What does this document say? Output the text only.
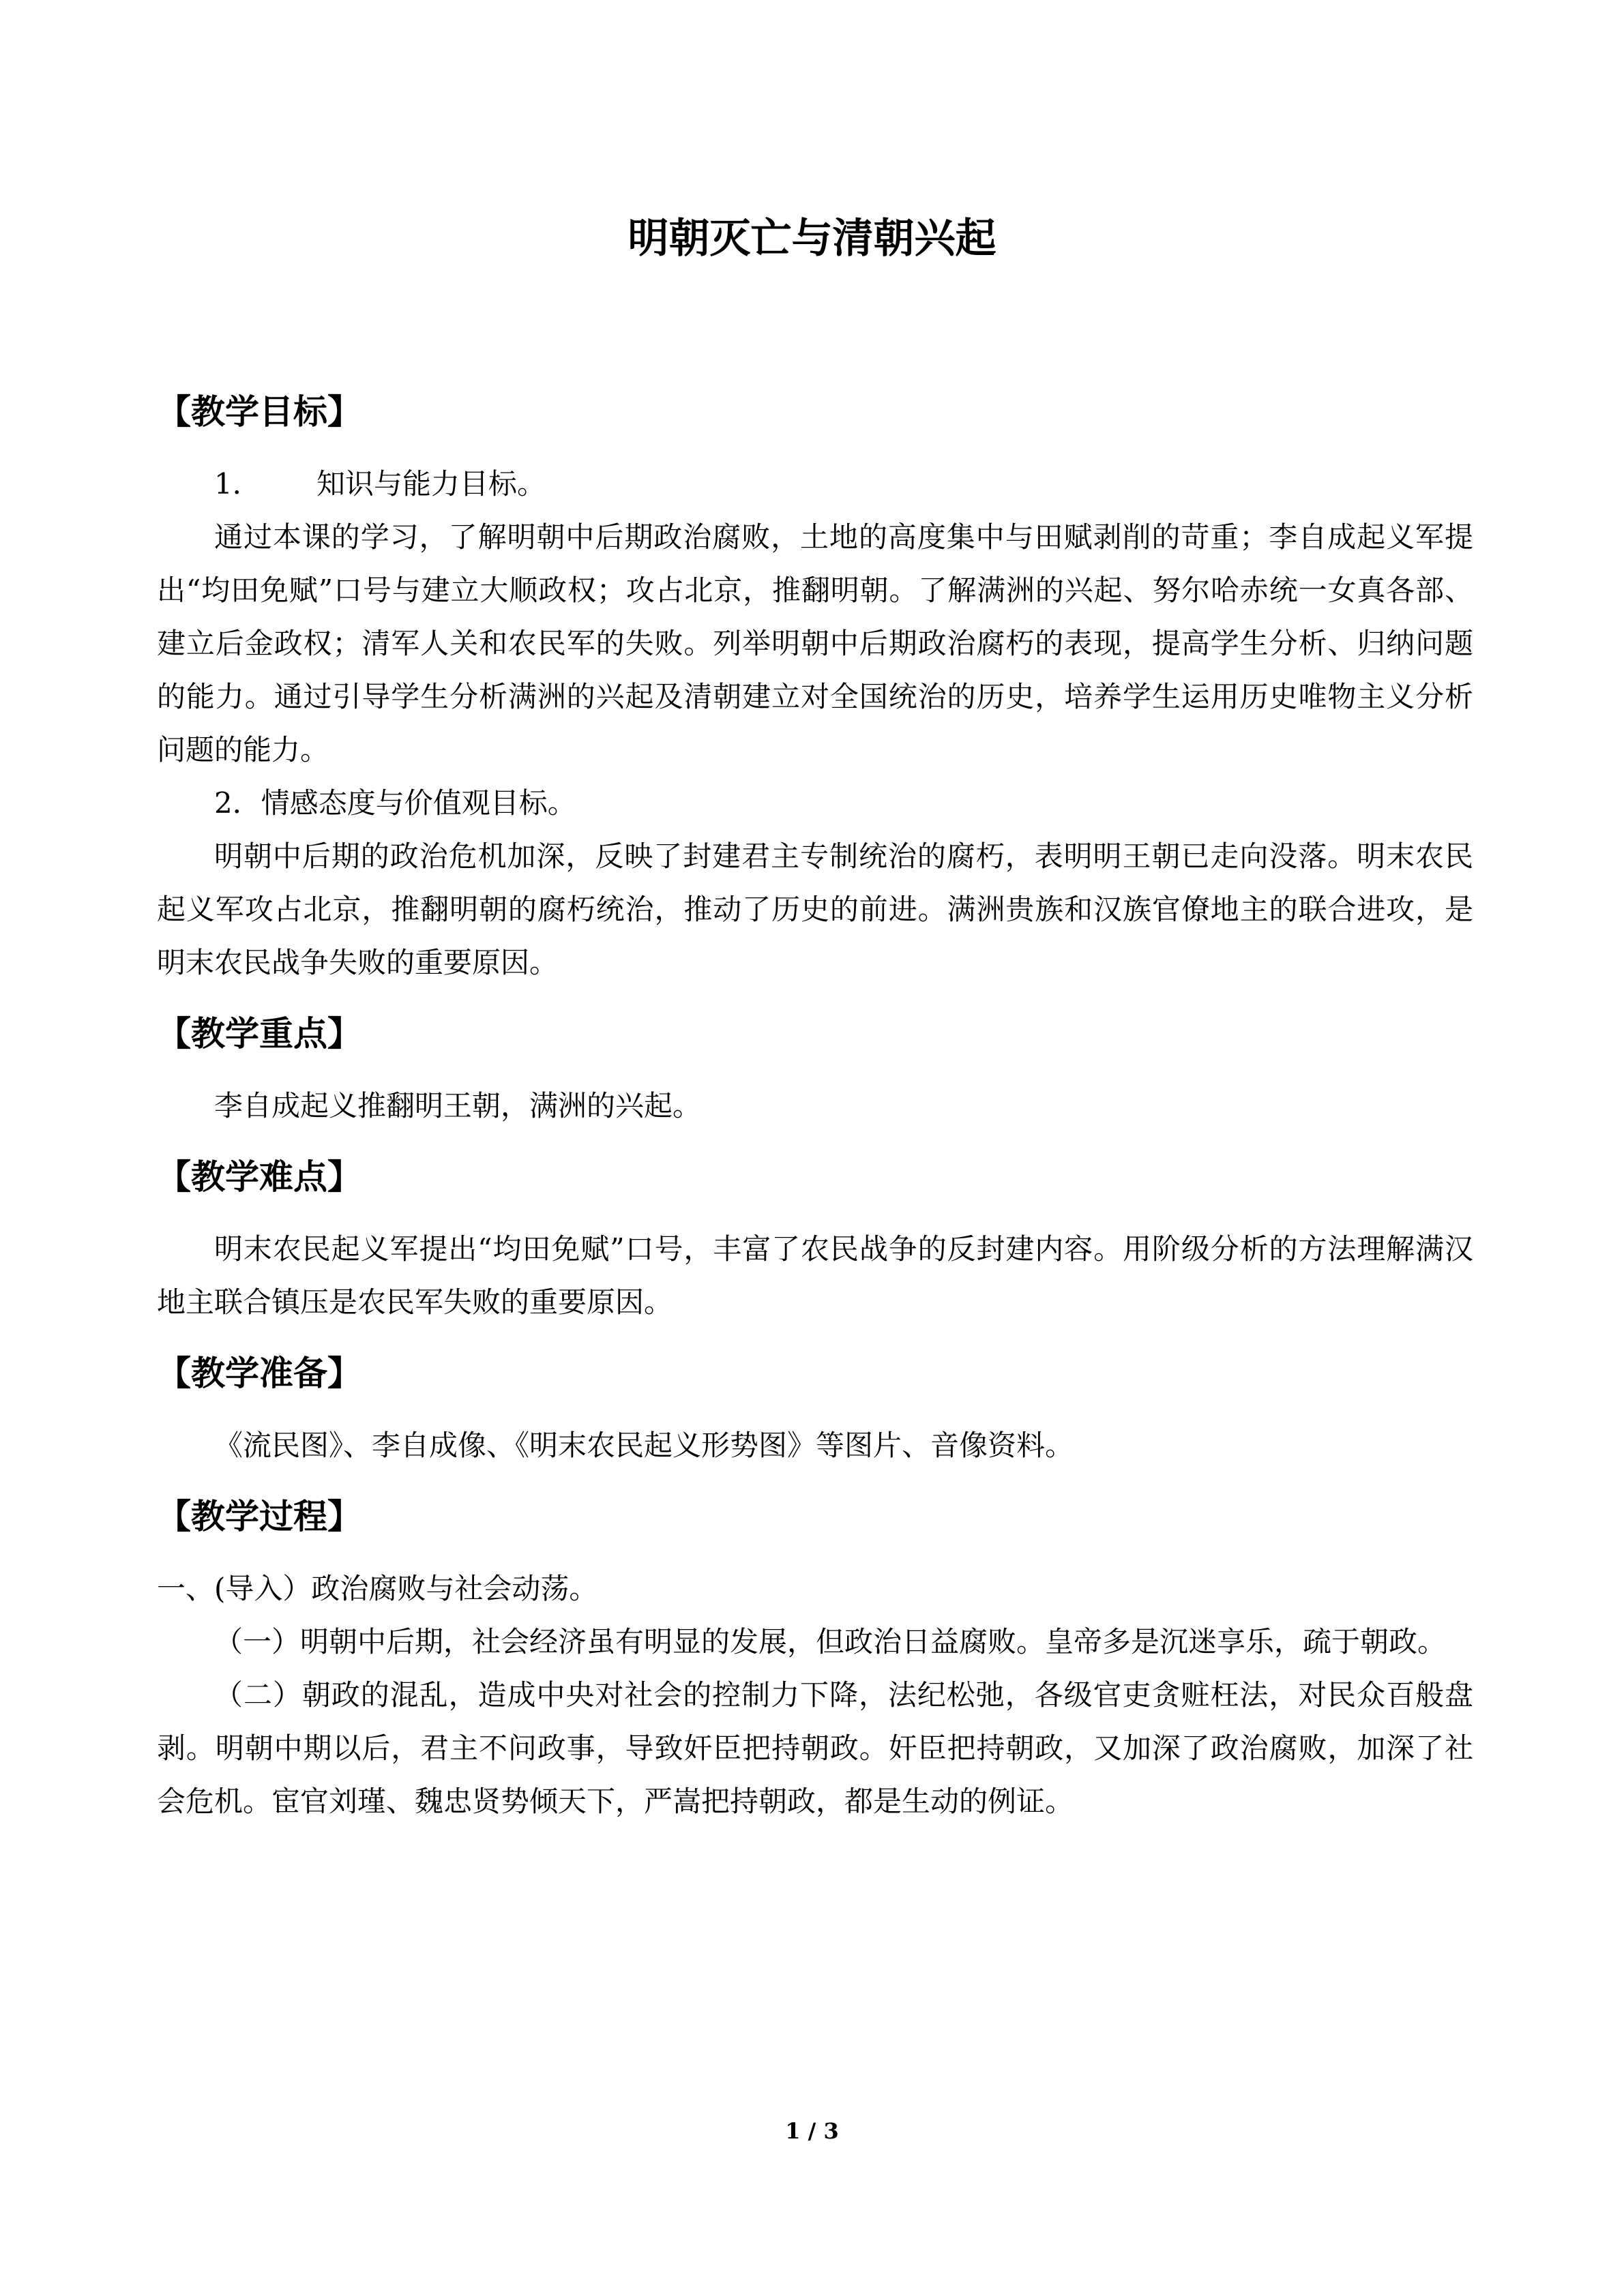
明朝灭亡与清朝兴起
【教学目标】

1． 知识与能力目标。

通过本课的学习，了解明朝中后期政治腐败，土地的高度集中与田赋剥削的苛重；李自成起义军提出“均田免赋”口号与建立大顺政权；攻占北京，推翻明朝。了解满洲的兴起、努尔哈赤统一女真各部、建立后金政权；清军人关和农民军的失败。列举明朝中后期政治腐朽的表现，提高学生分析、归纳问题的能力。通过引导学生分析满洲的兴起及清朝建立对全国统治的历史，培养学生运用历史唯物主义分析问题的能力。

2．情感态度与价值观目标。

明朝中后期的政治危机加深，反映了封建君主专制统治的腐朽，表明明王朝已走向没落。明末农民起义军攻占北京，推翻明朝的腐朽统治，推动了历史的前进。满洲贵族和汉族官僚地主的联合进攻，是明末农民战争失败的重要原因。

【教学重点】

李自成起义推翻明王朝，满洲的兴起。

【教学难点】

明末农民起义军提出“均田免赋”口号，丰富了农民战争的反封建内容。用阶级分析的方法理解满汉地主联合镇压是农民军失败的重要原因。

【教学准备】

《流民图》、李自成像、《明末农民起义形势图》等图片、音像资料。

【教学过程】

一、(导入）政治腐败与社会动荡。

（一）明朝中后期，社会经济虽有明显的发展，但政治日益腐败。皇帝多是沉迷享乐，疏于朝政。

（二）朝政的混乱，造成中央对社会的控制力下降，法纪松弛，各级官吏贪赃枉法，对民众百般盘剥。明朝中期以后，君主不问政事，导致奸臣把持朝政。奸臣把持朝政，又加深了政治腐败，加深了社会危机。宦官刘瑾、魏忠贤势倾天下，严嵩把持朝政，都是生动的例证。

1 / 3
